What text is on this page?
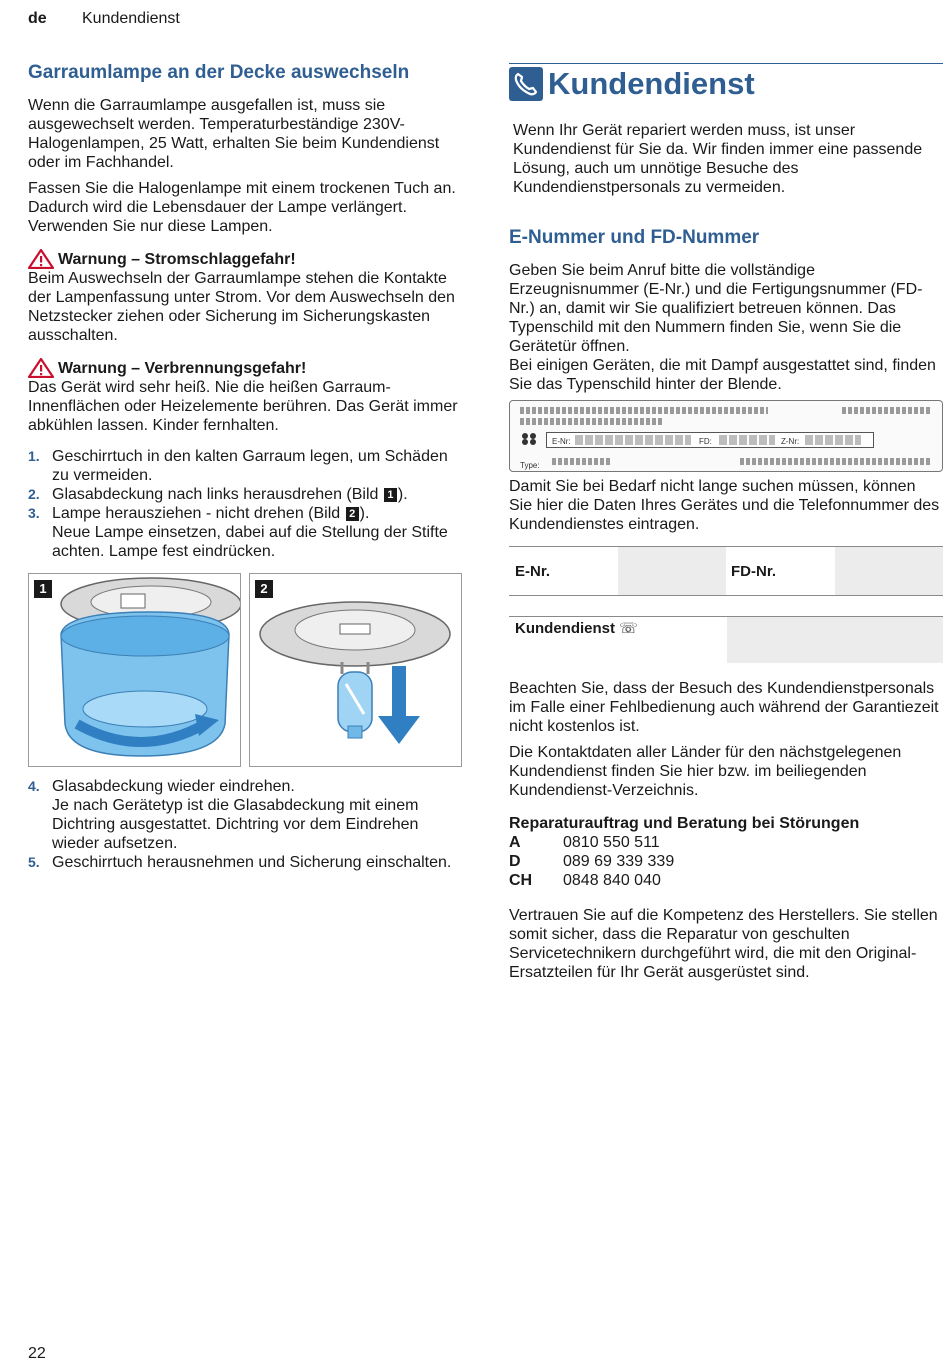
de Kundendienst
Garraumlampe an der Decke auswechseln

Wenn die Garraumlampe ausgefallen ist, muss sie ausgewechselt werden. Temperaturbeständige 230V-Halogenlampen, 25 Watt, erhalten Sie beim Kundendienst oder im Fachhandel.

Fassen Sie die Halogenlampe mit einem trockenen Tuch an. Dadurch wird die Lebensdauer der Lampe verlängert. Verwenden Sie nur diese Lampen.

Warnung – Stromschlaggefahr!

Beim Auswechseln der Garraumlampe stehen die Kontakte der Lampenfassung unter Strom. Vor dem Auswechseln den Netzstecker ziehen oder Sicherung im Sicherungskasten ausschalten.

Warnung – Verbrennungsgefahr!

Das Gerät wird sehr heiß. Nie die heißen Garraum-Innenflächen oder Heizelemente berühren. Das Gerät immer abkühlen lassen. Kinder fernhalten.

1. Geschirrtuch in den kalten Garraum legen, um Schäden zu vermeiden.
2. Glasabdeckung nach links herausdrehen (Bild 1 ).
3. Lampe herausziehen - nicht drehen (Bild 2 ).
Neue Lampe einsetzen, dabei auf die Stellung der Stifte achten. Lampe fest eindrücken.
1	2
4. Glasabdeckung wieder eindrehen.
Je nach Gerätetyp ist die Glasabdeckung mit einem Dichtring ausgestattet. Dichtring vor dem Eindrehen wieder aufsetzen.
5. Geschirrtuch herausnehmen und Sicherung einschalten.
Kundendienst

Wenn Ihr Gerät repariert werden muss, ist unser Kundendienst für Sie da. Wir finden immer eine passende Lösung, auch um unnötige Besuche des Kundendienstpersonals zu vermeiden.

E-Nummer und FD-Nummer

Geben Sie beim Anruf bitte die vollständige Erzeugnisnummer (E-Nr.) und die Fertigungsnummer (FD-Nr.) an, damit wir Sie qualifiziert betreuen können. Das Typenschild mit den Nummern finden Sie, wenn Sie die Gerätetür öffnen.

Bei einigen Geräten, die mit Dampf ausgestattet sind, finden Sie das Typenschild hinter der Blende.

E-Nr:	FD:	Z-Nr:
Type:

Damit Sie bei Bedarf nicht lange suchen müssen, können Sie hier die Daten Ihres Gerätes und die Telefonnummer des Kundendienstes eintragen.

E-Nr.	FD-Nr.
Kundendienst ☏

Beachten Sie, dass der Besuch des Kundendienstpersonals im Falle einer Fehlbedienung auch während der Garantiezeit nicht kostenlos ist.

Die Kontaktdaten aller Länder für den nächstgelegenen Kundendienst finden Sie hier bzw. im beiliegenden Kundendienst-Verzeichnis.

Reparaturauftrag und Beratung bei Störungen
A	0810 550 511
D	089 69 339 339
CH	0848 840 040

Vertrauen Sie auf die Kompetenz des Herstellers. Sie stellen somit sicher, dass die Reparatur von geschulten Servicetechnikern durchgeführt wird, die mit den Original-Ersatzteilen für Ihr Gerät ausgerüstet sind.

22
